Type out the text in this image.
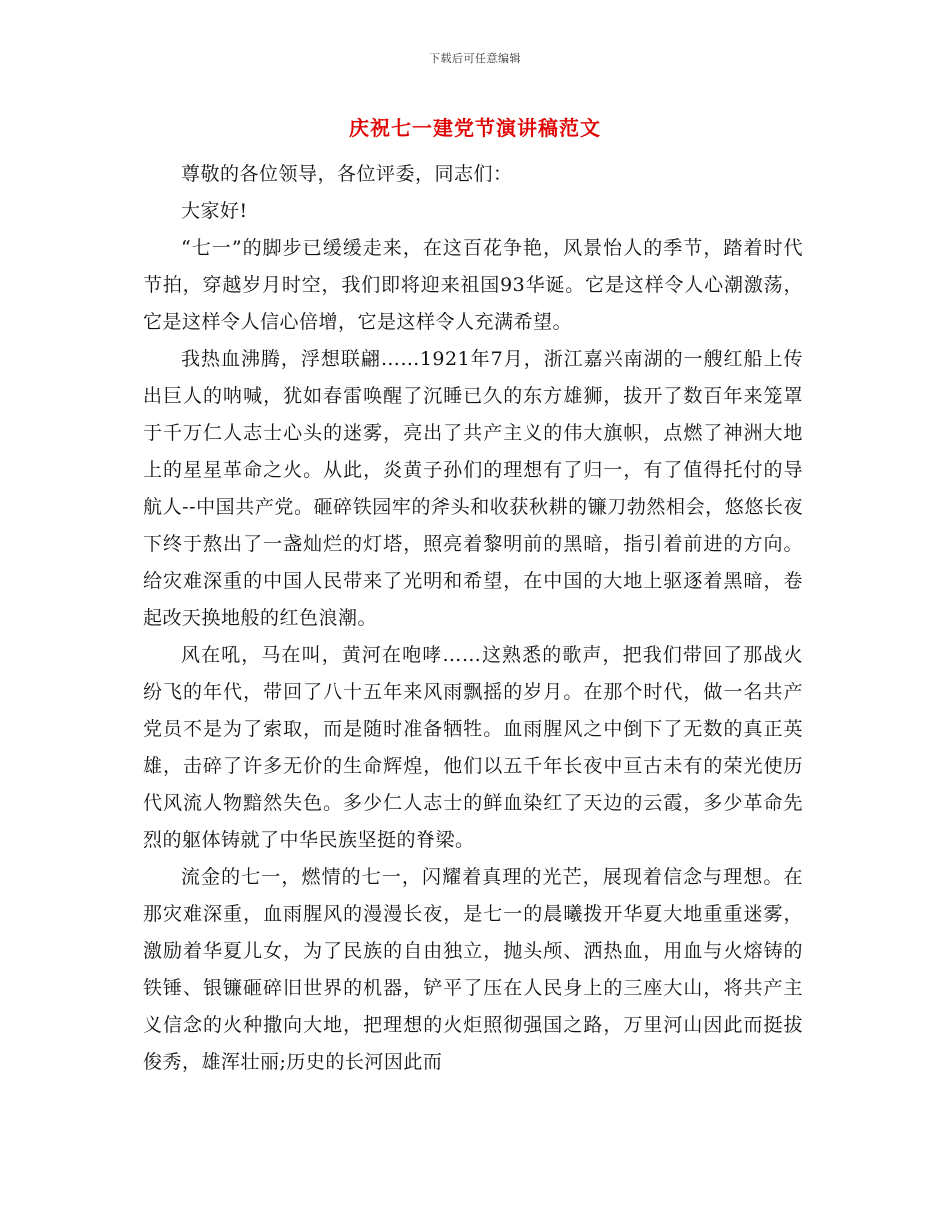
下载后可任意编辑
庆祝七一建党节演讲稿范文

尊敬的各位领导，各位评委，同志们：

大家好!

“七一”的脚步已缓缓走来，在这百花争艳，风景怡人的季节，踏着时代节拍，穿越岁月时空，我们即将迎来祖国93华诞。它是这样令人心潮激荡，它是这样令人信心倍增，它是这样令人充满希望。

我热血沸腾，浮想联翩……1921年7月，浙江嘉兴南湖的一艘红船上传出巨人的呐喊，犹如春雷唤醒了沉睡已久的东方雄狮，拔开了数百年来笼罩于千万仁人志士心头的迷雾，亮出了共产主义的伟大旗帜，点燃了神洲大地上的星星革命之火。从此，炎黄子孙们的理想有了归一，有了值得托付的导航人--中国共产党。砸碎铁园牢的斧头和收获秋耕的镰刀勃然相会，悠悠长夜下终于熬出了一盏灿烂的灯塔，照亮着黎明前的黑暗，指引着前进的方向。给灾难深重的中国人民带来了光明和希望，在中国的大地上驱逐着黑暗，卷起改天换地般的红色浪潮。

风在吼，马在叫，黄河在咆哮……这熟悉的歌声，把我们带回了那战火纷飞的年代，带回了八十五年来风雨飘摇的岁月。在那个时代，做一名共产党员不是为了索取，而是随时准备牺牲。血雨腥风之中倒下了无数的真正英雄，击碎了许多无价的生命辉煌，他们以五千年长夜中亘古未有的荣光使历代风流人物黯然失色。多少仁人志士的鲜血染红了天边的云霞，多少革命先烈的躯体铸就了中华民族坚挺的脊梁。

流金的七一，燃情的七一，闪耀着真理的光芒，展现着信念与理想。在那灾难深重，血雨腥风的漫漫长夜，是七一的晨曦拨开华夏大地重重迷雾，激励着华夏儿女，为了民族的自由独立，抛头颅、洒热血，用血与火熔铸的铁锤、银镰砸碎旧世界的机器，铲平了压在人民身上的三座大山，将共产主义信念的火种撒向大地，把理想的火炬照彻强国之路，万里河山因此而挺拔俊秀，雄浑壮丽;历史的长河因此而
